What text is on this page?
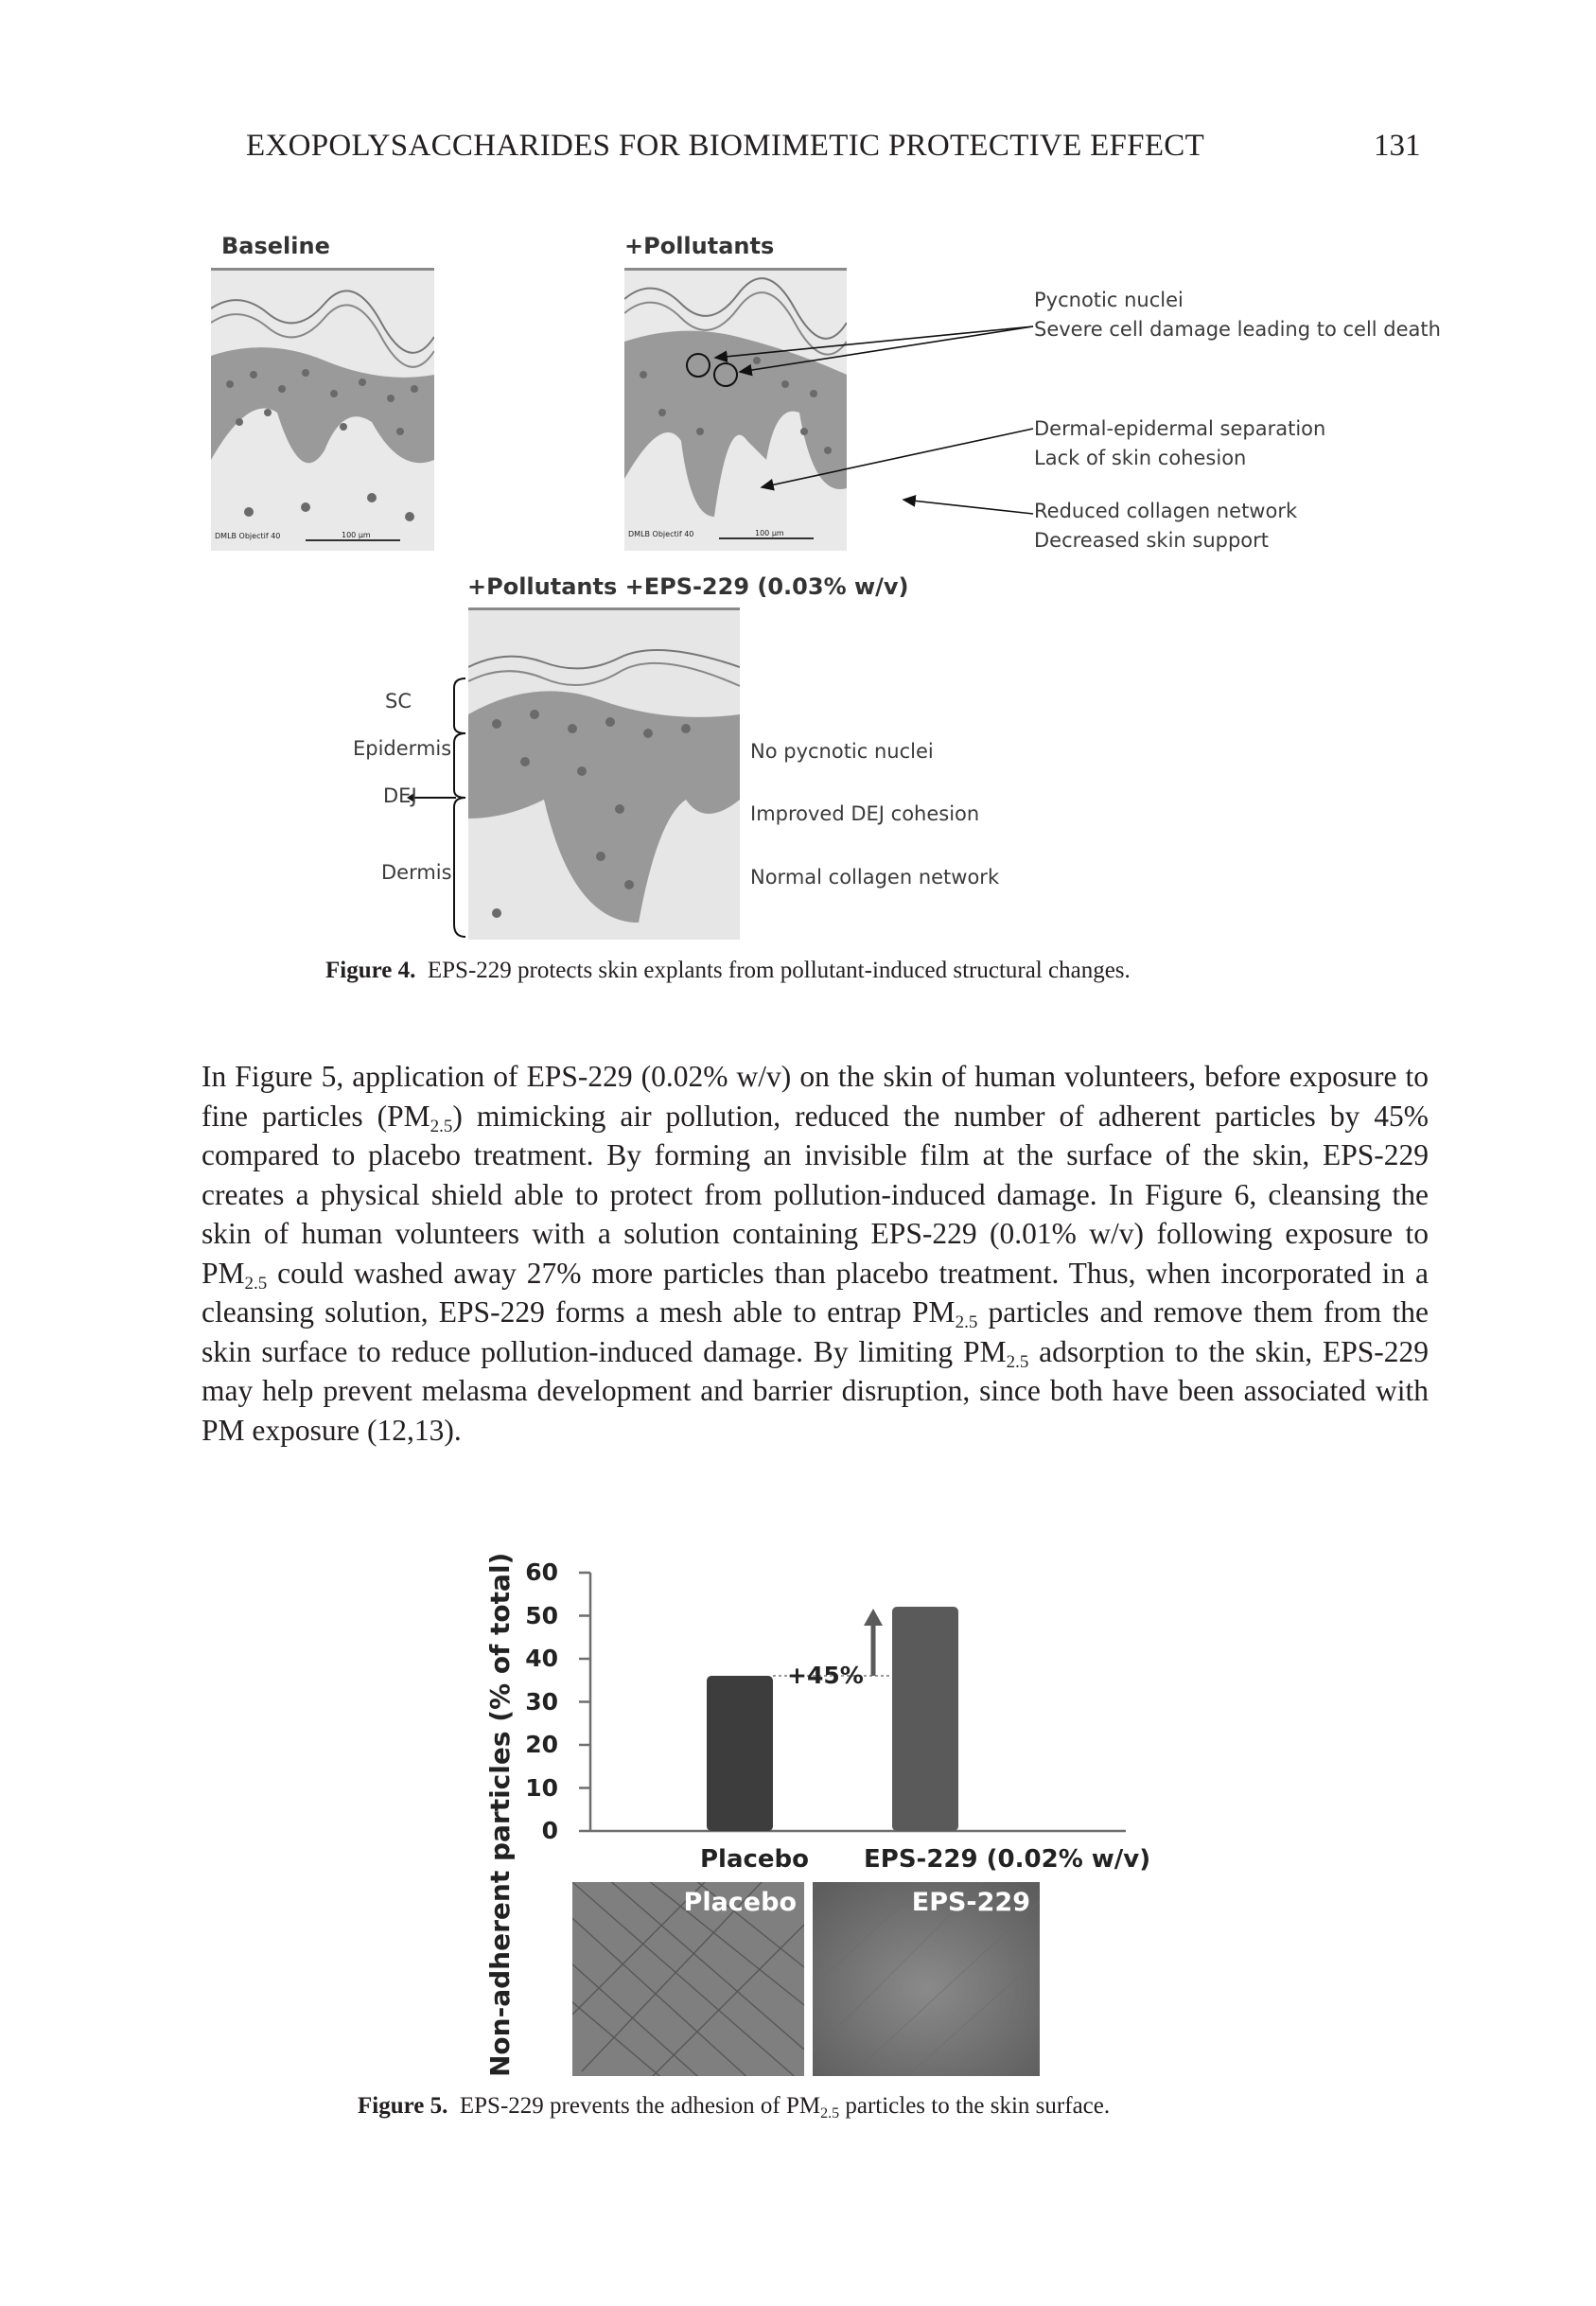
EXOPOLYSACCHARIDES FOR BIOMIMETIC PROTECTIVE EFFECT	131
Baseline
DMLB Objectif 40	100 µm
+Pollutants
DMLB Objectif 40	100 µm
Pycnotic nuclei
Severe cell damage leading to cell death
Dermal-epidermal separation
Lack of skin cohesion
Reduced collagen network
Decreased skin support
+Pollutants +EPS-229 (0.03% w/v)
SC
Epidermis
DEJ
Dermis
No pycnotic nuclei
Improved DEJ cohesion
Normal collagen network
Figure 4. EPS-229 protects skin explants from pollutant-induced structural changes.

In Figure 5, application of EPS-229 (0.02% w/v) on the skin of human volunteers, before exposure to fine particles $(PM_{2.5})$ mimicking air pollution, reduced the number of adherent particles by 45% compared to placebo treatment. By forming an invisible film at the surface of the skin, EPS-229 creates a physical shield able to protect from pollution-induced damage. In Figure 6, cleansing the skin of human volunteers with a solution containing EPS-229 (0.01% w/v) following exposure to $PM_{2.5}$ could washed away 27% more particles than placebo treatment. Thus, when incorporated in a cleansing solution, EPS-229 forms a mesh able to entrap $PM_{2.5}$ particles and remove them from the skin surface to reduce pollution-induced damage. By limiting $PM_{2.5}$ adsorption to the skin, EPS-229 may help prevent melasma development and barrier disruption, since both have been associated with PM exposure (12,13).

Non-adherent particles (% of total) 60
50
40
30
20
10
0
+45%
Placebo EPS-229 (0.02% w/v)
Placebo	EPS-229
Figure 5. EPS-229 prevents the adhesion of $PM_{2.5}$ particles to the skin surface.
